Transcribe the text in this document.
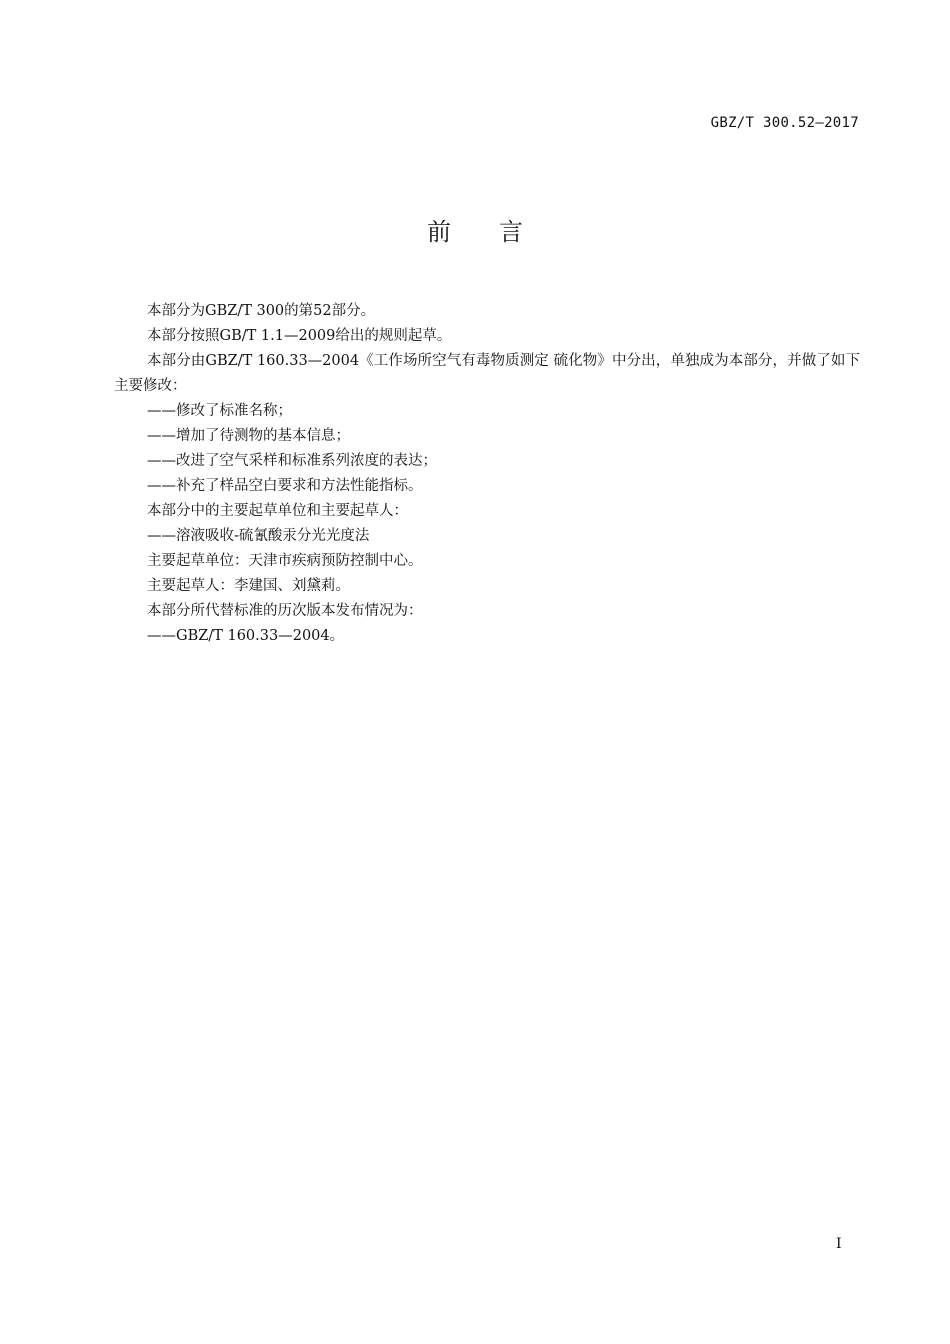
GBZ/T 300.52—2017
前 言

本部分为GBZ/T 300的第52部分。

本部分按照GB/T 1.1—2009给出的规则起草。

本部分由GBZ/T 160.33—2004《工作场所空气有毒物质测定 硫化物》中分出，单独成为本部分，并做了如下主要修改：

——修改了标准名称；

——增加了待测物的基本信息；

——改进了空气采样和标准系列浓度的表达；

——补充了样品空白要求和方法性能指标。

本部分中的主要起草单位和主要起草人：

——溶液吸收-硫氰酸汞分光光度法

主要起草单位：天津市疾病预防控制中心。

主要起草人：李建国、刘黛莉。

本部分所代替标准的历次版本发布情况为：

——GBZ/T 160.33—2004。

I
